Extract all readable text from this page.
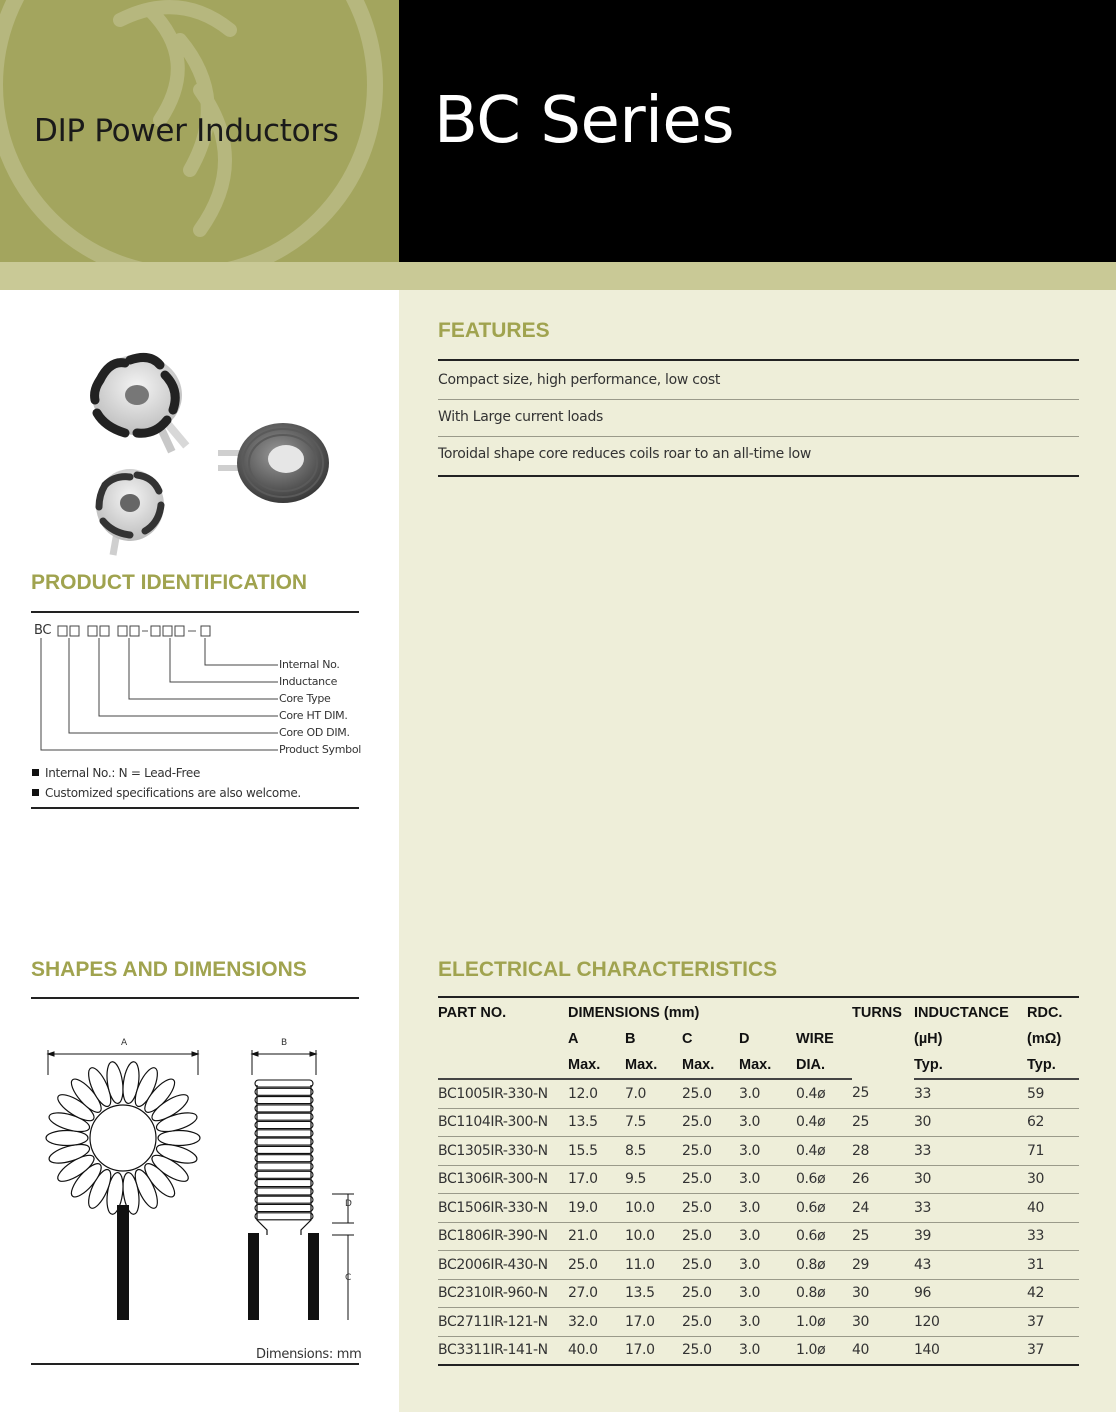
DIP Power Inductors BC Series
FEATURES
Compact size, high performance, low cost
With Large current loads
Toroidal shape core reduces coils roar to an all-time low
PRODUCT IDENTIFICATION
BC
Internal No.
Inductance
Core Type
Core HT DIM.
Core OD DIM.
Product Symbol
Internal No.: N = Lead-Free
Customized specifications are also welcome.
SHAPES AND DIMENSIONS
A	B
D
C
Dimensions: mm
ELECTRICAL CHARACTERISTICS
PART NO.	DIMENSIONS (mm)					TURNS	INDUCTANCE	RDC.
	A	B	C	D	WIRE		(µH)	(mΩ)
	Max.	Max.	Max.	Max.	DIA.		Typ.	Typ.
BC1005IR-330-N	12.0	7.0	25.0	3.0	0.4ø	25	33	59
BC1104IR-300-N	13.5	7.5	25.0	3.0	0.4ø	25	30	62
BC1305IR-330-N	15.5	8.5	25.0	3.0	0.4ø	28	33	71
BC1306IR-300-N	17.0	9.5	25.0	3.0	0.6ø	26	30	30
BC1506IR-330-N	19.0	10.0	25.0	3.0	0.6ø	24	33	40
BC1806IR-390-N	21.0	10.0	25.0	3.0	0.6ø	25	39	33
BC2006IR-430-N	25.0	11.0	25.0	3.0	0.8ø	29	43	31
BC2310IR-960-N	27.0	13.5	25.0	3.0	0.8ø	30	96	42
BC2711IR-121-N	32.0	17.0	25.0	3.0	1.0ø	30	120	37
BC3311IR-141-N	40.0	17.0	25.0	3.0	1.0ø	40	140	37
